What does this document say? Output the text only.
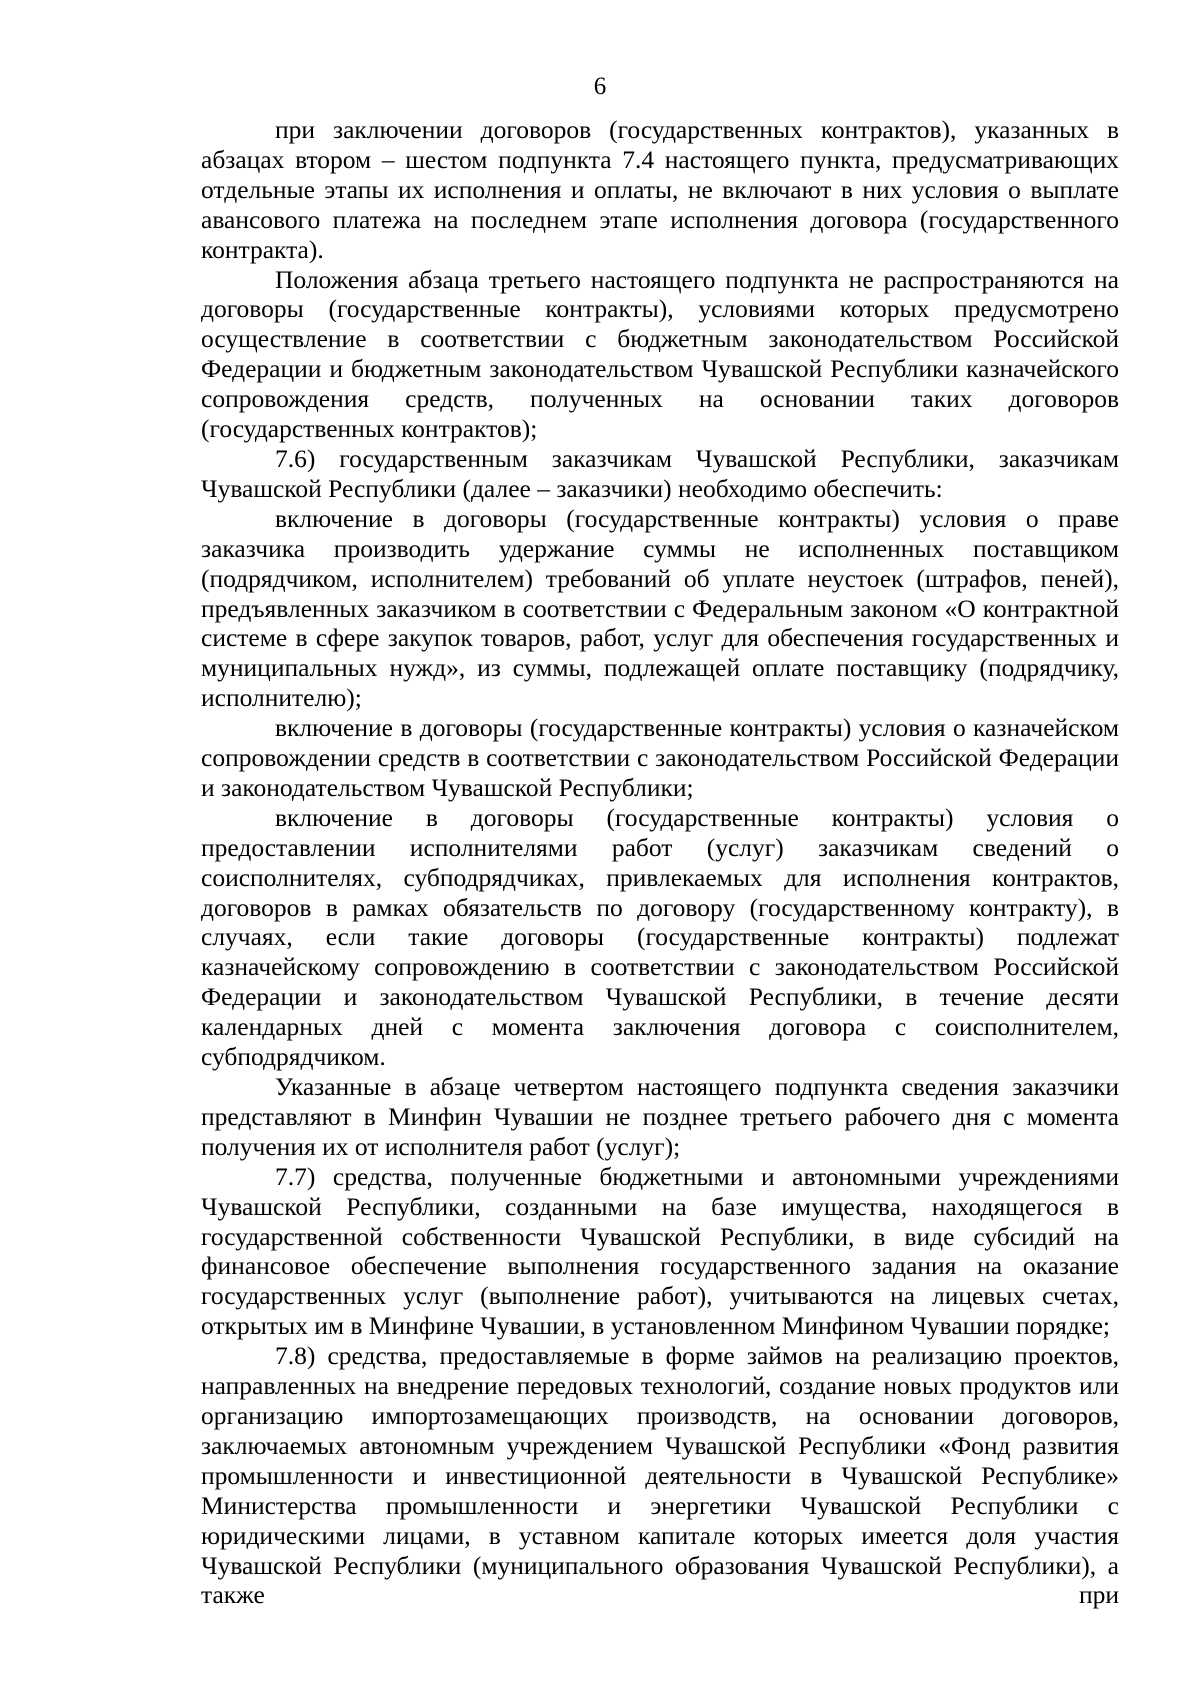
6

при заключении договоров (государственных контрактов), указанных в абзацах втором – шестом подпункта 7.4 настоящего пункта, предусматривающих отдельные этапы их исполнения и оплаты, не включают в них условия о выплате авансового платежа на последнем этапе исполнения договора (государственного контракта).

Положения абзаца третьего настоящего подпункта не распространяются на договоры (государственные контракты), условиями которых предусмотрено осуществление в соответствии с бюджетным законодательством Российской Федерации и бюджетным законодательством Чувашской Республики казначейского сопровождения средств, полученных на основании таких договоров (государственных контрактов);

7.6) государственным заказчикам Чувашской Республики, заказчикам Чувашской Республики (далее – заказчики) необходимо обеспечить:

включение в договоры (государственные контракты) условия о праве заказчика производить удержание суммы не исполненных поставщиком (подрядчиком, исполнителем) требований об уплате неустоек (штрафов, пеней), предъявленных заказчиком в соответствии с Федеральным законом «О контрактной системе в сфере закупок товаров, работ, услуг для обеспечения государственных и муниципальных нужд», из суммы, подлежащей оплате поставщику (подрядчику, исполнителю);

включение в договоры (государственные контракты) условия о казначейском сопровождении средств в соответствии с законодательством Российской Федерации и законодательством Чувашской Республики;

включение в договоры (государственные контракты) условия о предоставлении исполнителями работ (услуг) заказчикам сведений о соисполнителях, субподрядчиках, привлекаемых для исполнения контрактов, договоров в рамках обязательств по договору (государственному контракту), в случаях, если такие договоры (государственные контракты) подлежат казначейскому сопровождению в соответствии с законодательством Российской Федерации и законодательством Чувашской Республики, в течение десяти календарных дней с момента заключения договора с соисполнителем, субподрядчиком.

Указанные в абзаце четвертом настоящего подпункта сведения заказчики представляют в Минфин Чувашии не позднее третьего рабочего дня с момента получения их от исполнителя работ (услуг);

7.7) средства, полученные бюджетными и автономными учреждениями Чувашской Республики, созданными на базе имущества, находящегося в государственной собственности Чувашской Республики, в виде субсидий на финансовое обеспечение выполнения государственного задания на оказание государственных услуг (выполнение работ), учитываются на лицевых счетах, открытых им в Минфине Чувашии, в установленном Минфином Чувашии порядке;

7.8) средства, предоставляемые в форме займов на реализацию проектов, направленных на внедрение передовых технологий, создание новых продуктов или организацию импортозамещающих производств, на основании договоров, заключаемых автономным учреждением Чувашской Республики «Фонд развития промышленности и инвестиционной деятельности в Чувашской Республике» Министерства промышленности и энергетики Чувашской Республики с юридическими лицами, в уставном капитале которых имеется доля участия Чувашской Республики (муниципального образования Чувашской Республики), а также при
